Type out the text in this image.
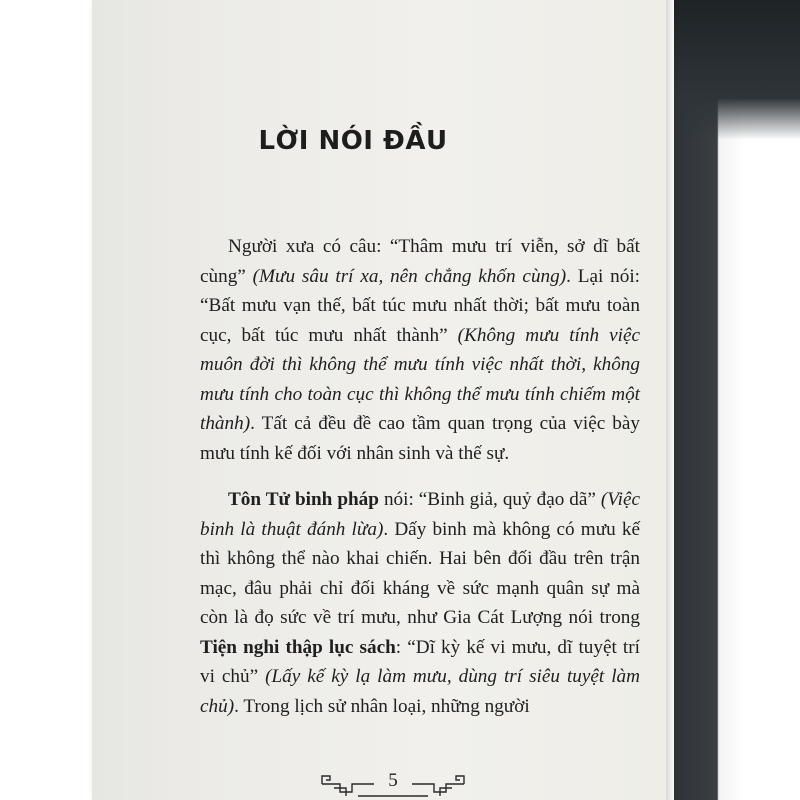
LỜI NÓI ĐẦU

Người xưa có câu: “Thâm mưu trí viễn, sở dĩ bất cùng” (Mưu sâu trí xa, nên chẳng khốn cùng). Lại nói: “Bất mưu vạn thế, bất túc mưu nhất thời; bất mưu toàn cục, bất túc mưu nhất thành” (Không mưu tính việc muôn đời thì không thể mưu tính việc nhất thời, không mưu tính cho toàn cục thì không thể mưu tính chiếm một thành). Tất cả đều đề cao tầm quan trọng của việc bày mưu tính kế đối với nhân sinh và thế sự.

Tôn Tử binh pháp nói: “Binh giả, quỷ đạo dã” (Việc binh là thuật đánh lừa). Dấy binh mà không có mưu kế thì không thể nào khai chiến. Hai bên đối đầu trên trận mạc, đâu phải chỉ đối kháng về sức mạnh quân sự mà còn là đọ sức về trí mưu, như Gia Cát Lượng nói trong Tiện nghi thập lục sách: “Dĩ kỳ kế vi mưu, dĩ tuyệt trí vi chủ” (Lấy kế kỳ lạ làm mưu, dùng trí siêu tuyệt làm chủ). Trong lịch sử nhân loại, những người

5
